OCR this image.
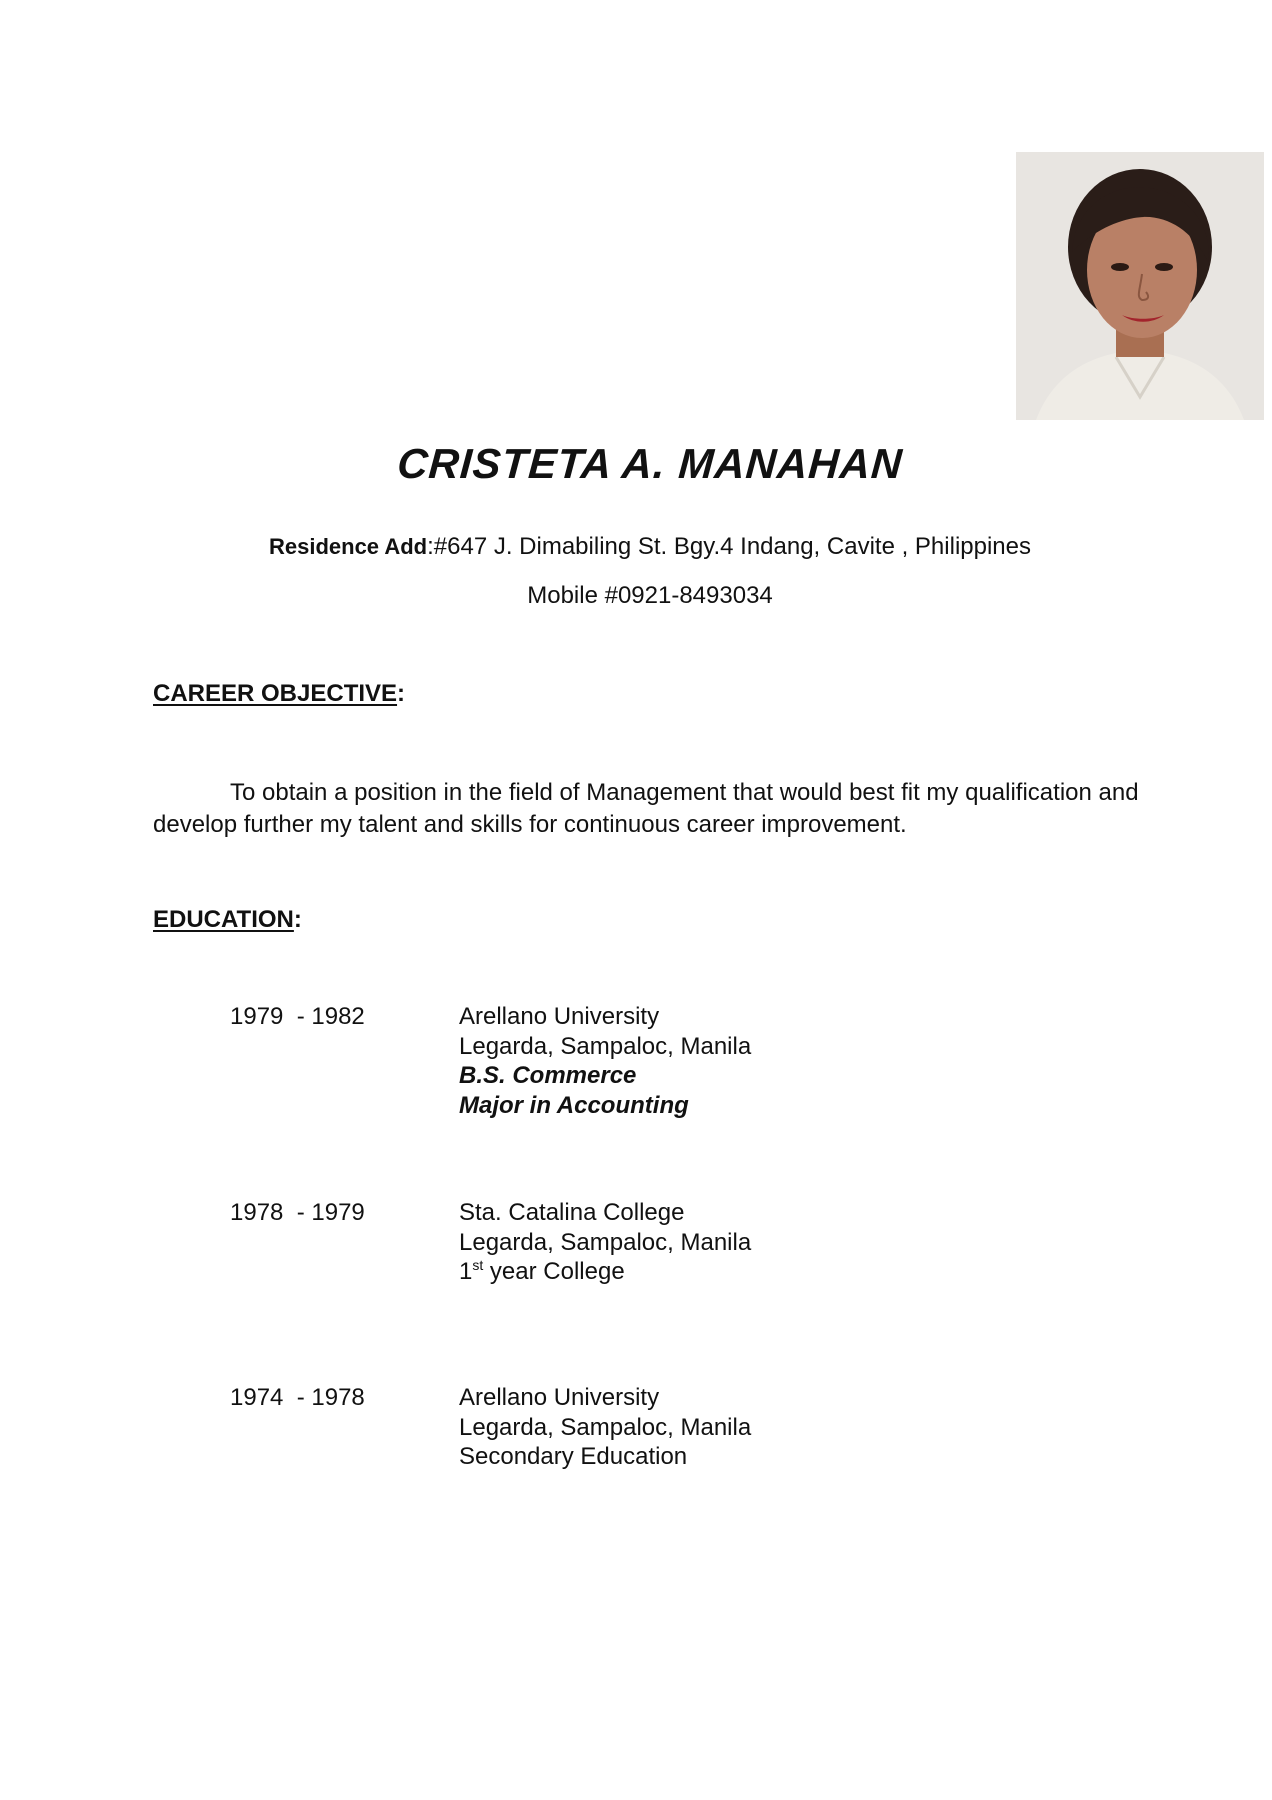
CRISTETA A. MANAHAN
Residence Add:#647 J. Dimabiling St. Bgy.4 Indang, Cavite , Philippines
Mobile #0921-8493034
CAREER OBJECTIVE:

To obtain a position in the field of Management that would best fit my qualification and develop further my talent and skills for continuous career improvement.

EDUCATION:
1979  - 1982	Arellano University
Legarda, Sampaloc, Manila
B.S. Commerce
Major in Accounting
1978  - 1979	Sta. Catalina College
Legarda, Sampaloc, Manila
1st year College
1974  - 1978	Arellano University
Legarda, Sampaloc, Manila
Secondary Education
